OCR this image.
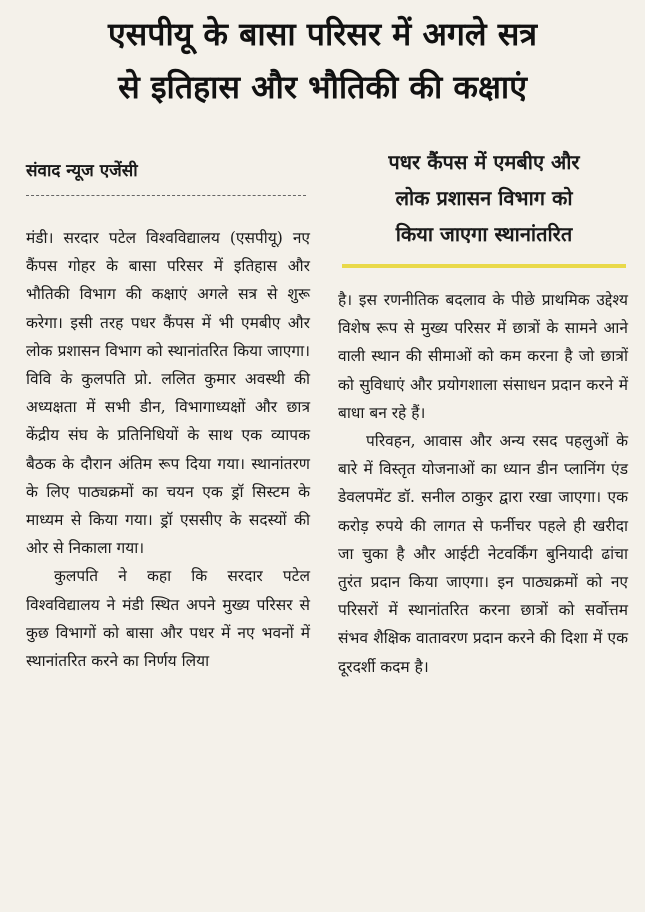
एसपीयू के बासा परिसर में अगले सत्र
से इतिहास और भौतिकी की कक्षाएं
संवाद न्यूज एजेंसी	पधर कैंपस में एमबीए और
लोक प्रशासन विभाग को
किया जाएगा स्थानांतरित

मंडी। सरदार पटेल विश्वविद्यालय (एसपीयू) नए कैंपस गोहर के बासा परिसर में इतिहास और भौतिकी विभाग की कक्षाएं अगले सत्र से शुरू करेगा। इसी तरह पधर कैंपस में भी एमबीए और लोक प्रशासन विभाग को स्थानांतरित किया जाएगा। विवि के कुलपति प्रो. ललित कुमार अवस्थी की अध्यक्षता में सभी डीन, विभागाध्यक्षों और छात्र केंद्रीय संघ के प्रतिनिधियों के साथ एक व्यापक बैठक के दौरान अंतिम रूप दिया गया। स्थानांतरण के लिए पाठ्यक्रमों का चयन एक ड्रॉ सिस्टम के माध्यम से किया गया। ड्रॉ एससीए के सदस्यों की ओर से निकाला गया।

कुलपति ने कहा कि सरदार पटेल विश्वविद्यालय ने मंडी स्थित अपने मुख्य परिसर से कुछ विभागों को बासा और पधर में नए भवनों में स्थानांतरित करने का निर्णय लिया

है। इस रणनीतिक बदलाव के पीछे प्राथमिक उद्देश्य विशेष रूप से मुख्य परिसर में छात्रों के सामने आने वाली स्थान की सीमाओं को कम करना है जो छात्रों को सुविधाएं और प्रयोगशाला संसाधन प्रदान करने में बाधा बन रहे हैं।

परिवहन, आवास और अन्य रसद पहलुओं के बारे में विस्तृत योजनाओं का ध्यान डीन प्लानिंग एंड डेवलपमेंट डॉ. सनील ठाकुर द्वारा रखा जाएगा। एक करोड़ रुपये की लागत से फर्नीचर पहले ही खरीदा जा चुका है और आईटी नेटवर्किंग बुनियादी ढांचा तुरंत प्रदान किया जाएगा। इन पाठ्यक्रमों को नए परिसरों में स्थानांतरित करना छात्रों को सर्वोत्तम संभव शैक्षिक वातावरण प्रदान करने की दिशा में एक दूरदर्शी कदम है।
